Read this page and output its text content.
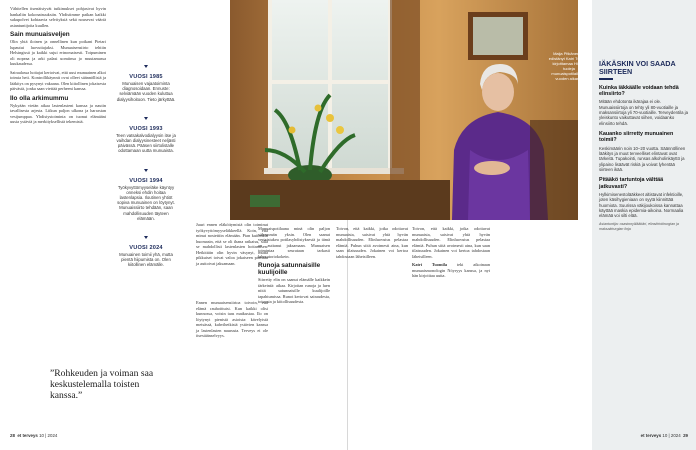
Vähitellen itsenäistyvät tutkimukset pohjasivat hyvin hankaliin kokonaisuuksiin. Yhdistimme paikan kaikki sukupolvet kohtaavia selvityksiä sekä nousevat vääriä asiantuntijoita kuullen.

Sain munuaisveljen

Olin yhtä iloinen ja onnellinen kun poikani Pietari lupautui luovuttajaksi. Munuaisensiirto tehtiin Helsingissä ja kaikki sujui erinomaisesti. Toipuminen oli nopeaa ja arki palasi uomiinsa jo muutamassa kuukaudessa.

Sairaalassa hoitajat kertoivat, että uusi munuainen alkoi toimia heti. Kontrollikäynnit ovat olleet säännöllisiä ja lääkitys on pysynyt vakaana. Olen kiitollinen jokaisesta päivästä, jonka saan viettää perheeni kanssa.

Ilo olla arkimummu

Nykyään vietän aikaa lastenlasteni kanssa ja nautin tavallisesta arjesta. Liikun paljon ulkona ja harrastan vesijumppaa. Yhdistystoiminta on tuonut elämääni uusia ystäviä ja merkityksellistä tekemistä.

VUOSI 1985
Munuaisen vajaatoiminta diagnosoidaan. Ennuste: selviämään vuoden kuluttua dialyysihoitoon. Tieto järkyttää.
VUOSI 1993
Teen vatsakalvodialyysin itse ja vaihdan dialyysinesteet neljästi päivässä. Pääsen siirtolistalle odottamaan uutta munuaista.
VUOSI 1994
Työkyvyttömyyseläke käyntyy onneksi ehdin hoitaa lastenlapsia. Iloutinen yhtiöt sopiva munuainen on löytynyt. Munuaissiirto tehdään, saan mahdollisuuden täyteen elämään.
VUOSI 2024
Munuainen toimii yhä, mutta pientä hiipumista on. Olen kiitollinen elämälle.

Juuri ennen eläköitymistä olin toiminut työkyvyttömyyseläkkeellä. Koin, että minut nostettiin elämään. Pian kuitenkin huomasin, että se oli ihana ratkaisu, sillä se mahdollisti lastenlasten hoitamisen. Hetkittäin olin hyvin väsynyt, mutta pikkuiset toivat valoa jokaiseen päivään ja auttoivat jaksamaan.

Ennen munuaisensiirtoa toivoin, että elämä rauhoittuisi. Kun kaikki olisi kunnossa, voisin taas matkustaa. Ilo on löytynyt pienistä asioista: kävelyistä metsässä, kahvihetkistä ystävien kanssa ja lastenlasten naurusta. Terveys ei ole itsestäänselvyys.

”Rohkeuden ja voiman saa keskustelemalla toisten kanssa.”
28 et terveys 10 | 2024
Maija Pitkänen on edistänyt Katri Tuomiin kirjoittamaa Hillyllä tuoleja munuaispotilaille 35 vuoden aikana.

Munuaispotilaana minä olin paljon vähemmän yksin. Olen saanut vertaistukea potilasyhdistyksestä ja tämä on auttanut jaksamaan. Munuaisen toimintaa seurataan tarkasti laboratoriokokein.

Runoja satunnaisille kuulijoille

Siirretty elin on saanut elämälle kaikkein tärkeintä: aikaa. Kirjoitan runoja ja luen niitä satunnaisille kuulijoille tapahtumissa. Runot kertovat sairaudesta, toivosta ja kiitollisuudesta.

Toivon, että kaikki, jotka odottavat munuaista, saisivat yhtä hyvän mahdollisuuden. Elinluovutus pelastaa elämiä. Puhun siitä avoimesti aina, kun saan tilaisuuden. Jokainen voi kertoa tahdostaan läheisilleen.

Toivon, että kaikki, jotka odottavat munuaista, saisivat yhtä hyvän mahdollisuuden. Elinluovutus pelastaa elämiä. Puhun siitä avoimesti aina, kun saan tilaisuuden. Jokainen voi kertoa tahdostaan läheisilleen.

Katri Tuomila teki aikoinaan munuaismonologin Nöyryys kanssa, ja nyt hän kirjoittaa uutta.

IÄKÄSKIN VOI SAADA SIIRTEEN
Kuinka iäkkäälle voidaan tehdä elinsiirto?
Mitään ehdotonta ikärajaa ei ole. Munuaissiirtoja on tehty yli 80-vuotiaille ja maksansiirtoja yli 70-vuotiaille. Terveydentila ja yleiskunto vaikuttavat siihen, voidaanko elinsiirto tehdä.
Kauanko siirretty munuainen toimii?
Keskimäärin noin 10–20 vuotta. Säännöllinen lääkitys ja muut terveelliset elintavat ovat tärkeitä. Tupakointi, runsas alkoholinkäyttö ja ylipaino lisäävät riskiä ja voivat lyhentää siirteen ikää.
Pitääkö tartuntoja välttää jatkuvasti?
Hylkimisenestolääkkeet altistavat infektioille, joten käsihygieniaan on syytä kiinnittää huomiota. Suurissa väkijoukoissa kannattaa käyttää maskia epidemia-aikoina. Normaalia elämää voi silti elää.
Asiantuntija: osastonylilääkäri, elinsiirtokirurgian ja maksakirurgian linja
et terveys 10 | 2024 29
